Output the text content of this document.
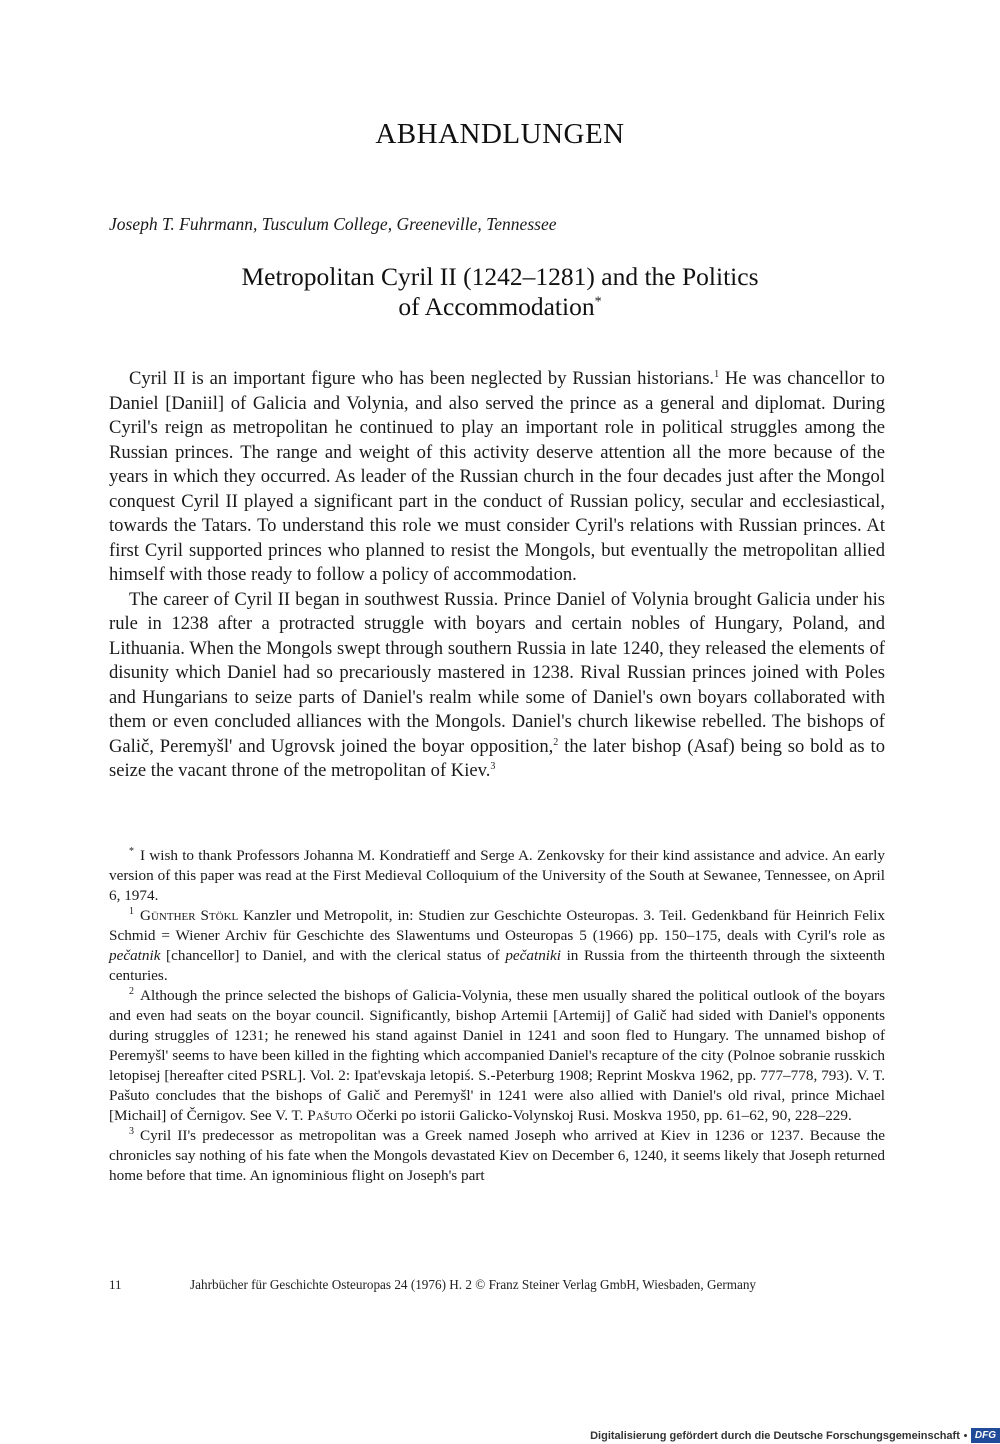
ABHANDLUNGEN
Joseph T. Fuhrmann, Tusculum College, Greeneville, Tennessee
Metropolitan Cyril II (1242–1281) and the Politics
of Accommodation*

Cyril II is an important figure who has been neglected by Russian historians.$^1$ He was chancellor to Daniel [Daniil] of Galicia and Volynia, and also served the prince as a general and diplomat. During Cyril's reign as metropolitan he continued to play an important role in political struggles among the Russian princes. The range and weight of this activity deserve attention all the more because of the years in which they occurred. As leader of the Russian church in the four decades just after the Mongol conquest Cyril II played a significant part in the conduct of Russian policy, secular and ecclesiastical, towards the Tatars. To understand this role we must consider Cyril's relations with Russian princes. At first Cyril supported princes who planned to resist the Mongols, but eventually the metropolitan allied himself with those ready to follow a policy of accommodation.

The career of Cyril II began in southwest Russia. Prince Daniel of Volynia brought Galicia under his rule in 1238 after a protracted struggle with boyars and certain nobles of Hungary, Poland, and Lithuania. When the Mongols swept through southern Russia in late 1240, they released the elements of disunity which Daniel had so precariously mastered in 1238. Rival Russian princes joined with Poles and Hungarians to seize parts of Daniel's realm while some of Daniel's own boyars collaborated with them or even concluded alliances with the Mongols. Daniel's church likewise rebelled. The bishops of Galič, Peremyšl' and Ugrovsk joined the boyar opposition,$^2$ the later bishop (Asaf) being so bold as to seize the vacant throne of the metropolitan of Kiev.$^3$

* I wish to thank Professors Johanna M. Kondratieff and Serge A. Zenkovsky for their kind assistance and advice. An early version of this paper was read at the First Medieval Colloquium of the University of the South at Sewanee, Tennessee, on April 6, 1974.

$^1$ Günther Stökl Kanzler und Metropolit, in: Studien zur Geschichte Osteuropas. 3. Teil. Gedenkband für Heinrich Felix Schmid = Wiener Archiv für Geschichte des Slawentums und Osteuropas 5 (1966) pp. 150–175, deals with Cyril's role as pečatnik [chancellor] to Daniel, and with the clerical status of pečatniki in Russia from the thirteenth through the sixteenth centuries.

$^2$ Although the prince selected the bishops of Galicia-Volynia, these men usually shared the political outlook of the boyars and even had seats on the boyar council. Significantly, bishop Artemii [Artemij] of Galič had sided with Daniel's opponents during struggles of 1231; he renewed his stand against Daniel in 1241 and soon fled to Hungary. The unnamed bishop of Peremyšl' seems to have been killed in the fighting which accompanied Daniel's recapture of the city (Polnoe sobranie russkich letopisej [hereafter cited PSRL]. Vol. 2: Ipat'evskaja letopiś. S.-Peterburg 1908; Reprint Moskva 1962, pp. 777–778, 793). V. T. Pašuto concludes that the bishops of Galič and Peremyšl' in 1241 were also allied with Daniel's old rival, prince Michael [Michail] of Černigov. See V. T. Pašuto Očerki po istorii Galicko-Volynskoj Rusi. Moskva 1950, pp. 61–62, 90, 228–229.

$^3$ Cyril II's predecessor as metropolitan was a Greek named Joseph who arrived at Kiev in 1236 or 1237. Because the chronicles say nothing of his fate when the Mongols devastated Kiev on December 6, 1240, it seems likely that Joseph returned home before that time. An ignominious flight on Joseph's part

11	Jahrbücher für Geschichte Osteuropas 24 (1976) H. 2 © Franz Steiner Verlag GmbH, Wiesbaden, Germany
Digitalisierung gefördert durch die Deutsche Forschungsgemeinschaft	DFG
